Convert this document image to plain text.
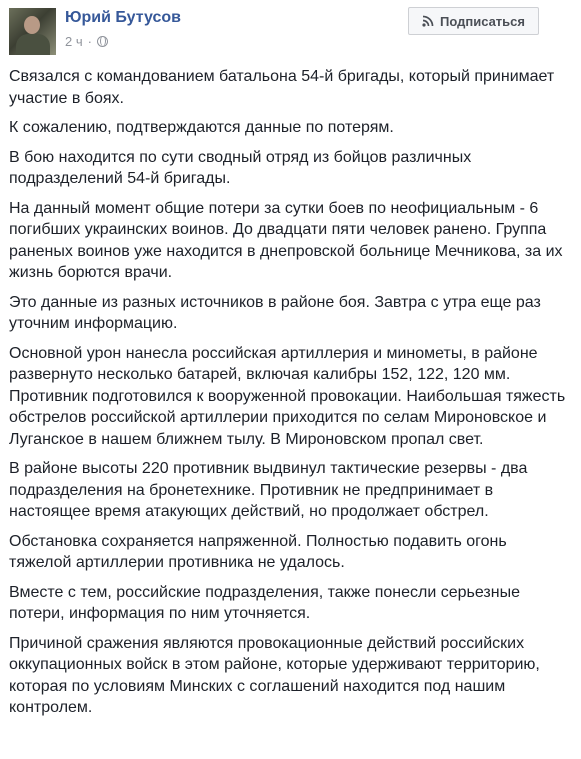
Юрий Бутусов
2 ч ·
Подписаться

Связался с командованием батальона 54-й бригады, который принимает участие в боях.

К сожалению, подтверждаются данные по потерям.

В бою находится по сути сводный отряд из бойцов различных подразделений 54-й бригады.

На данный момент общие потери за сутки боев по неофициальным - 6 погибших украинских воинов. До двадцати пяти человек ранено. Группа раненых воинов уже находится в днепровской больнице Мечникова, за их жизнь борются врачи.

Это данные из разных источников в районе боя. Завтра с утра еще раз уточним информацию.

Основной урон нанесла российская артиллерия и минометы, в районе развернуто несколько батарей, включая калибры 152, 122, 120 мм. Противник подготовился к вооруженной провокации. Наибольшая тяжесть обстрелов российской артиллерии приходится по селам Мироновское и Луганское в нашем ближнем тылу. В Мироновском пропал свет.

В районе высоты 220 противник выдвинул тактические резервы - два подразделения на бронетехнике. Противник не предпринимает в настоящее время атакующих действий, но продолжает обстрел.

Обстановка сохраняется напряженной. Полностью подавить огонь тяжелой артиллерии противника не удалось.

Вместе с тем, российские подразделения, также понесли серьезные потери, информация по ним уточняется.

Причиной сражения являются провокационные действий российских оккупационных войск в этом районе, которые удерживают территорию, которая по условиям Минских с соглашений находится под нашим контролем.
